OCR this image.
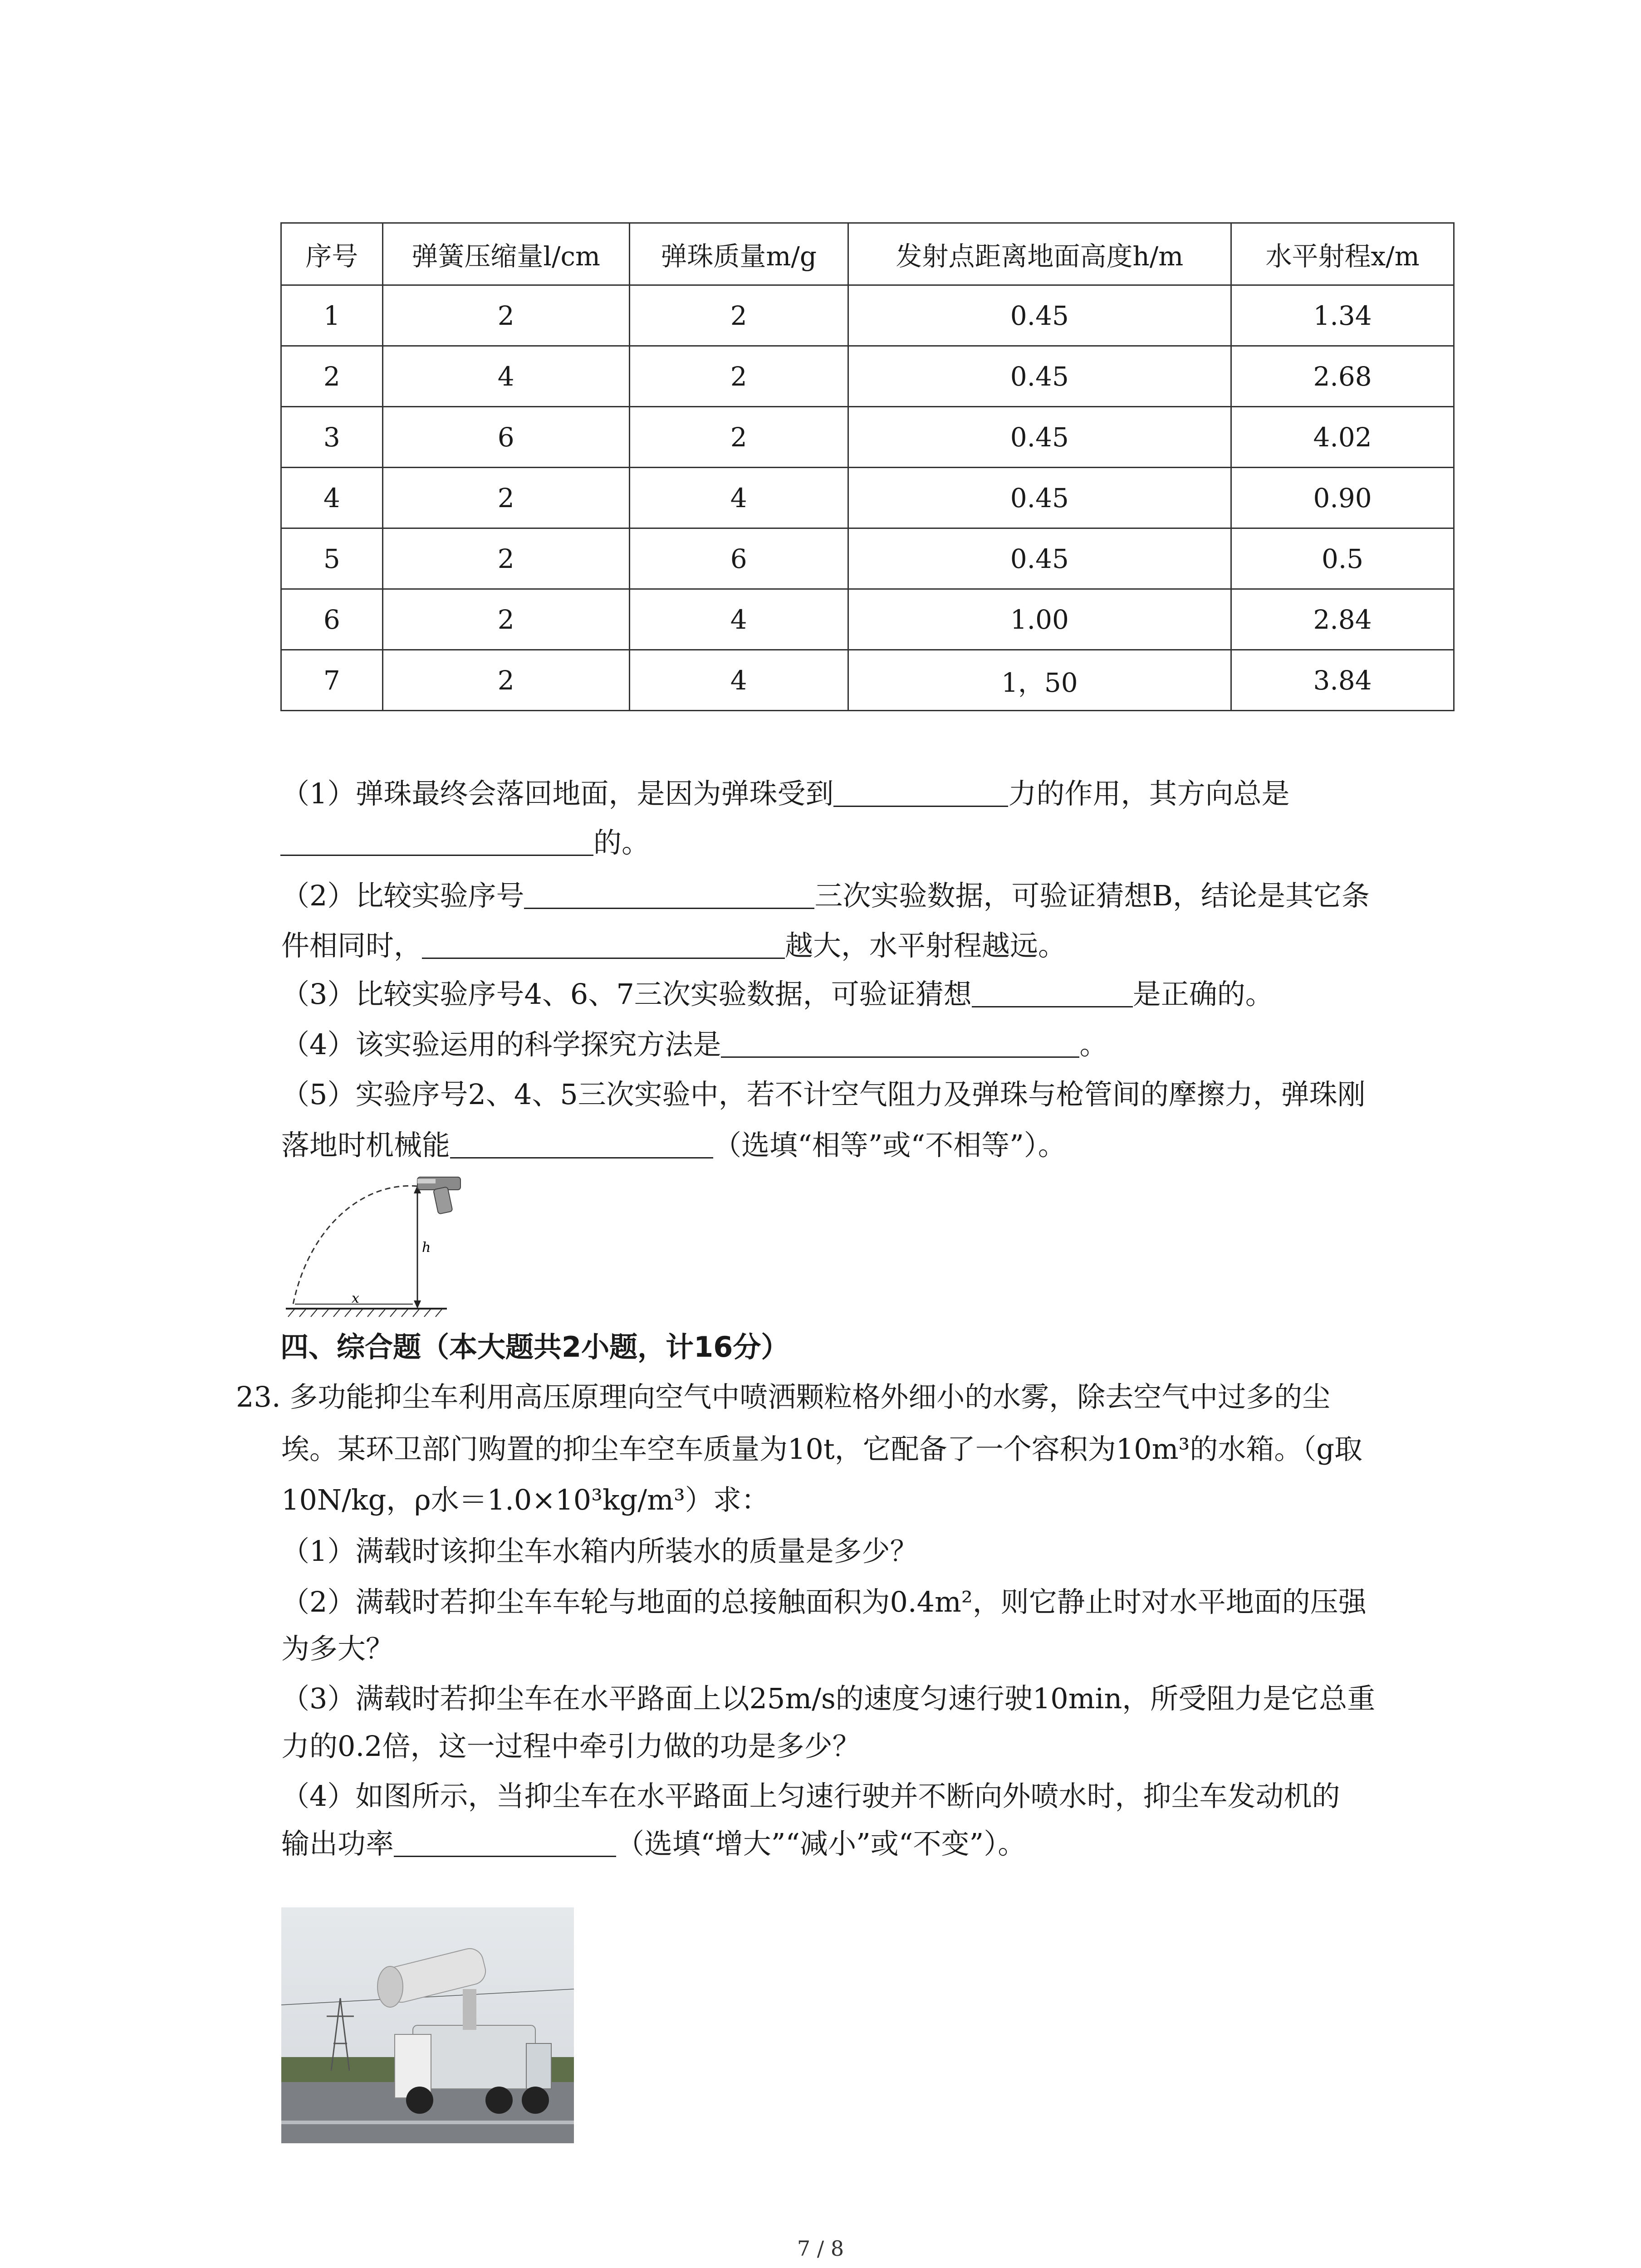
序号	弹簧压缩量l/cm	弹珠质量m/g	发射点距离地面高度h/m	水平射程x/m
1	2	2	0.45	1.34
2	4	2	0.45	2.68
3	6	2	0.45	4.02
4	2	4	0.45	0.90
5	2	6	0.45	0.5
6	2	4	1.00	2.84
7	2	4	1，50	3.84
（1）弹珠最终会落回地面，是因为弹珠受到	力的作用，其方向总是
的。
（2）比较实验序号	三次实验数据，可验证猜想B，结论是其它条
件相同时，	越大，水平射程越远。
（3）比较实验序号4、6、7三次实验数据，可验证猜想	是正确的。
（4）该实验运用的科学探究方法是	。
（5）实验序号2、4、5三次实验中，若不计空气阻力及弹珠与枪管间的摩擦力，弹珠刚
落地时机械能	（选填“相等”或“不相等”）。
h
x
四、综合题（本大题共2小题，计16分）
23. 多功能抑尘车利用高压原理向空气中喷洒颗粒格外细小的水雾，除去空气中过多的尘
埃。某环卫部门购置的抑尘车空车质量为10t，它配备了一个容积为10m³的水箱。（g取
10N/kg，ρ水＝1.0×10³kg/m³）求：
（1）满载时该抑尘车水箱内所装水的质量是多少？
（2）满载时若抑尘车车轮与地面的总接触面积为0.4m²，则它静止时对水平地面的压强
为多大？
（3）满载时若抑尘车在水平路面上以25m/s的速度匀速行驶10min，所受阻力是它总重
力的0.2倍，这一过程中牵引力做的功是多少？
（4）如图所示，当抑尘车在水平路面上匀速行驶并不断向外喷水时，抑尘车发动机的
输出功率	（选填“增大”“减小”或“不变”）。
7 / 8
